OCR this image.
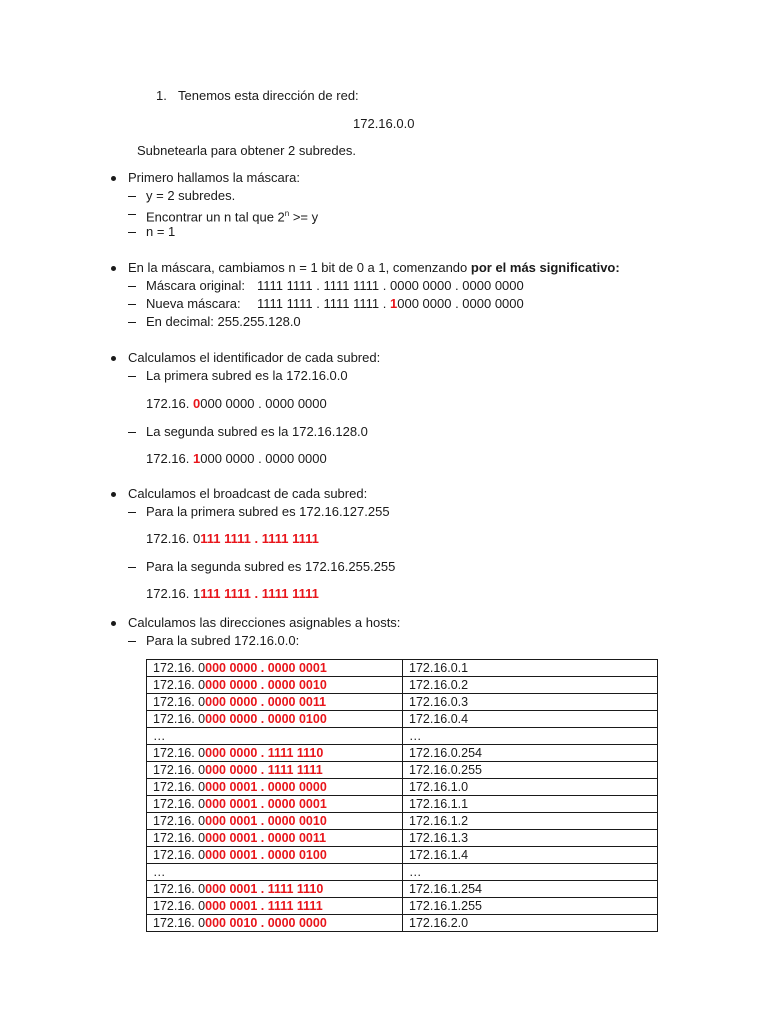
1. Tenemos esta dirección de red:
172.16.0.0
Subnetearla para obtener 2 subredes.
Primero hallamos la máscara:
y = 2 subredes.
Encontrar un n tal que $2^n >= y$
n = 1
En la máscara, cambiamos n = 1 bit de 0 a 1, comenzando por el más significativo:
Máscara original: 1111 1111 . 1111 1111 . 0000 0000 . 0000 0000
Nueva máscara: 1111 1111 . 1111 1111 . 1000 0000 . 0000 0000
En decimal: 255.255.128.0
Calculamos el identificador de cada subred:
La primera subred es la 172.16.0.0
172.16. 0000 0000 . 0000 0000
La segunda subred es la 172.16.128.0
172.16. 1000 0000 . 0000 0000
Calculamos el broadcast de cada subred:
Para la primera subred es 172.16.127.255
172.16. 0111 1111 . 1111 1111
Para la segunda subred es 172.16.255.255
172.16. 1111 1111 . 1111 1111
Calculamos las direcciones asignables a hosts:
Para la subred 172.16.0.0:
172.16. 0000 0000 . 0000 0001	172.16.0.1
172.16. 0000 0000 . 0000 0010	172.16.0.2
172.16. 0000 0000 . 0000 0011	172.16.0.3
172.16. 0000 0000 . 0000 0100	172.16.0.4
…	…
172.16. 0000 0000 . 1111 1110	172.16.0.254
172.16. 0000 0000 . 1111 1111	172.16.0.255
172.16. 0000 0001 . 0000 0000	172.16.1.0
172.16. 0000 0001 . 0000 0001	172.16.1.1
172.16. 0000 0001 . 0000 0010	172.16.1.2
172.16. 0000 0001 . 0000 0011	172.16.1.3
172.16. 0000 0001 . 0000 0100	172.16.1.4
…	…
172.16. 0000 0001 . 1111 1110	172.16.1.254
172.16. 0000 0001 . 1111 1111	172.16.1.255
172.16. 0000 0010 . 0000 0000	172.16.2.0
